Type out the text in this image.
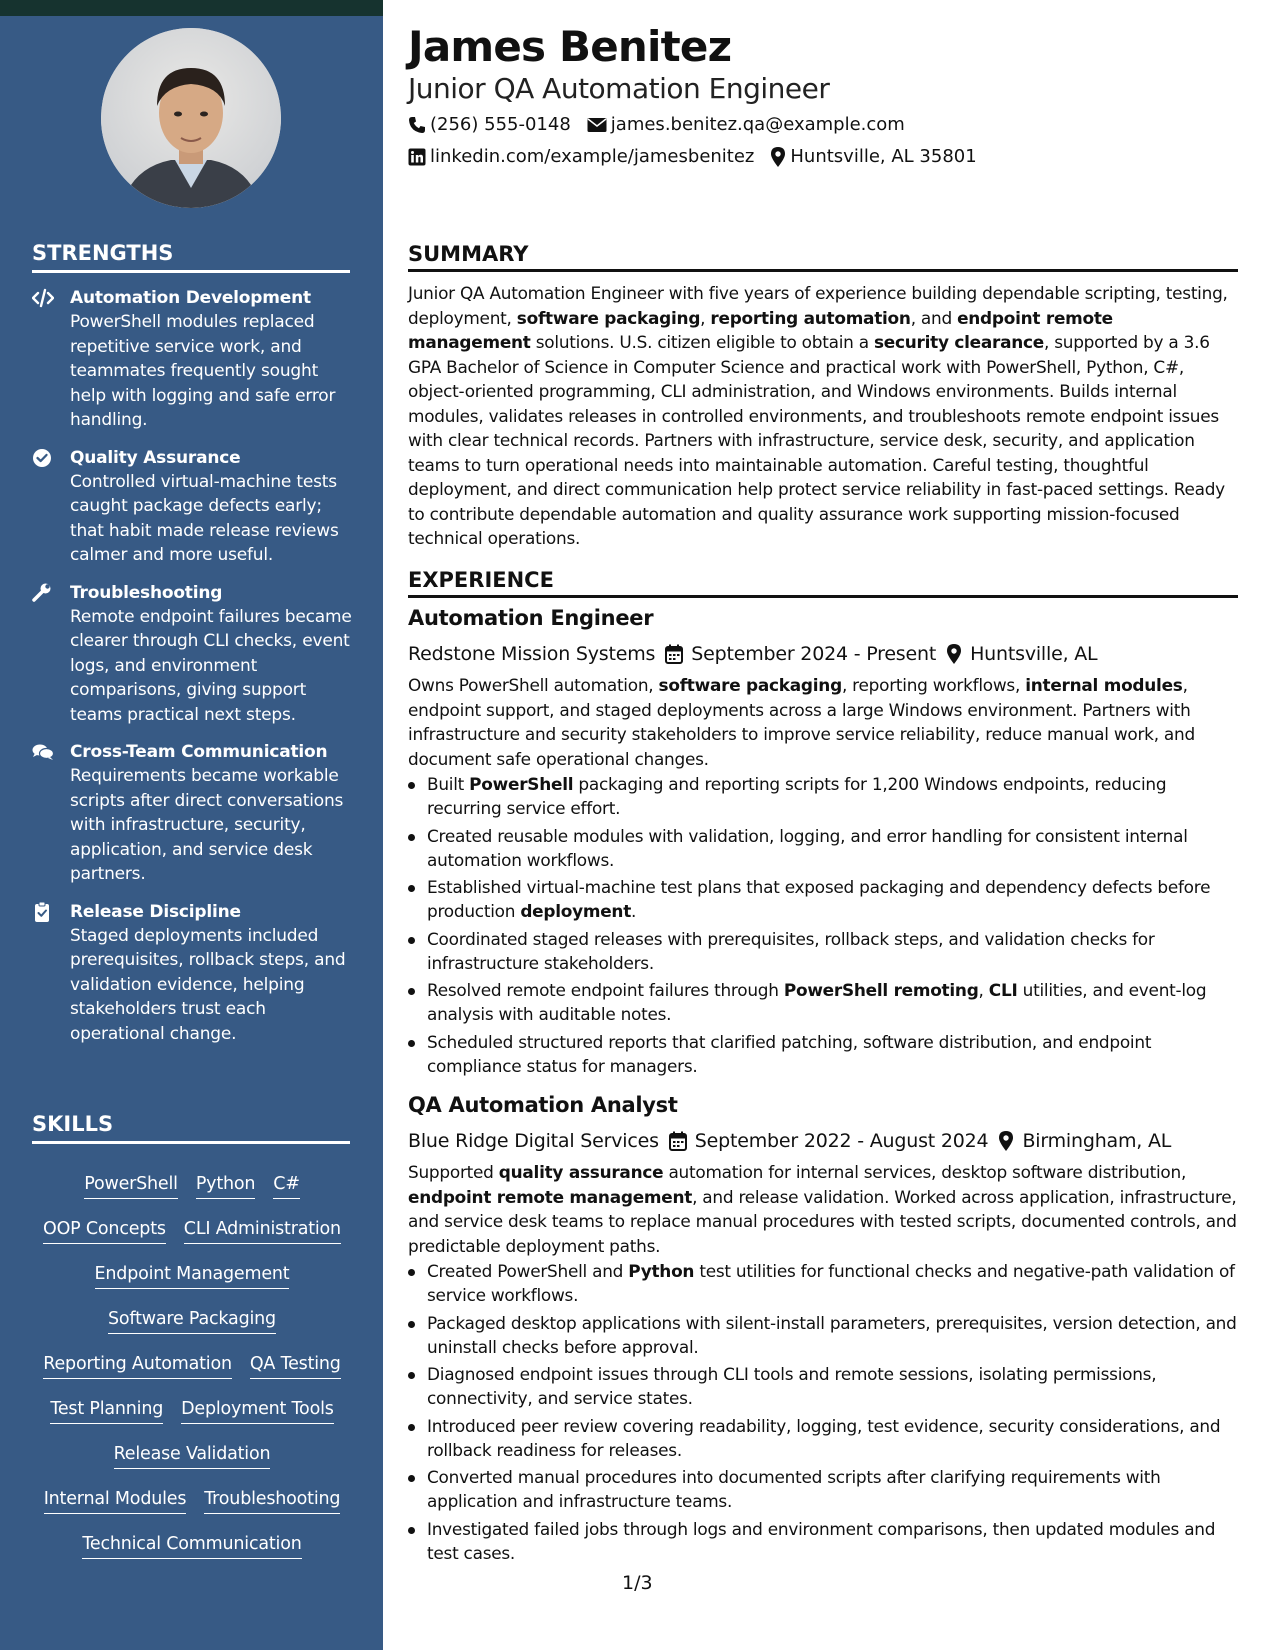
STRENGTHS
Automation Development
PowerShell modules replaced repetitive service work, and teammates frequently sought help with logging and safe error handling.
Quality Assurance
Controlled virtual-machine tests caught package defects early; that habit made release reviews calmer and more useful.
Troubleshooting
Remote endpoint failures became clearer through CLI checks, event logs, and environment comparisons, giving support teams practical next steps.
Cross-Team Communication
Requirements became workable scripts after direct conversations with infrastructure, security, application, and service desk partners.
Release Discipline
Staged deployments included prerequisites, rollback steps, and validation evidence, helping stakeholders trust each operational change.
SKILLS
PowerShell Python C#
OOP Concepts CLI Administration
Endpoint Management
Software Packaging
Reporting Automation QA Testing
Test Planning Deployment Tools
Release Validation
Internal Modules Troubleshooting
Technical Communication
James Benitez
Junior QA Automation Engineer
(256) 555-0148 james.benitez.qa@example.com
linkedin.com/example/jamesbenitez Huntsville, AL 35801
SUMMARY
Junior QA Automation Engineer with five years of experience building dependable scripting, testing, deployment, software packaging, reporting automation, and endpoint remote management solutions. U.S. citizen eligible to obtain a security clearance, supported by a 3.6 GPA Bachelor of Science in Computer Science and practical work with PowerShell, Python, C#, object-oriented programming, CLI administration, and Windows environments. Builds internal modules, validates releases in controlled environments, and troubleshoots remote endpoint issues with clear technical records. Partners with infrastructure, service desk, security, and application teams to turn operational needs into maintainable automation. Careful testing, thoughtful deployment, and direct communication help protect service reliability in fast-paced settings. Ready to contribute dependable automation and quality assurance work supporting mission-focused technical operations.
EXPERIENCE
Automation Engineer
Redstone Mission Systems September 2024 - Present Huntsville, AL
Owns PowerShell automation, software packaging, reporting workflows, internal modules, endpoint support, and staged deployments across a large Windows environment. Partners with infrastructure and security stakeholders to improve service reliability, reduce manual work, and document safe operational changes.
Built PowerShell packaging and reporting scripts for 1,200 Windows endpoints, reducing recurring service effort.
Created reusable modules with validation, logging, and error handling for consistent internal automation workflows.
Established virtual-machine test plans that exposed packaging and dependency defects before production deployment.
Coordinated staged releases with prerequisites, rollback steps, and validation checks for infrastructure stakeholders.
Resolved remote endpoint failures through PowerShell remoting, CLI utilities, and event-log analysis with auditable notes.
Scheduled structured reports that clarified patching, software distribution, and endpoint compliance status for managers.
QA Automation Analyst
Blue Ridge Digital Services September 2022 - August 2024 Birmingham, AL
Supported quality assurance automation for internal services, desktop software distribution, endpoint remote management, and release validation. Worked across application, infrastructure, and service desk teams to replace manual procedures with tested scripts, documented controls, and predictable deployment paths.
Created PowerShell and Python test utilities for functional checks and negative-path validation of service workflows.
Packaged desktop applications with silent-install parameters, prerequisites, version detection, and uninstall checks before approval.
Diagnosed endpoint issues through CLI tools and remote sessions, isolating permissions, connectivity, and service states.
Introduced peer review covering readability, logging, test evidence, security considerations, and rollback readiness for releases.
Converted manual procedures into documented scripts after clarifying requirements with application and infrastructure teams.
Investigated failed jobs through logs and environment comparisons, then updated modules and test cases.
1/3
